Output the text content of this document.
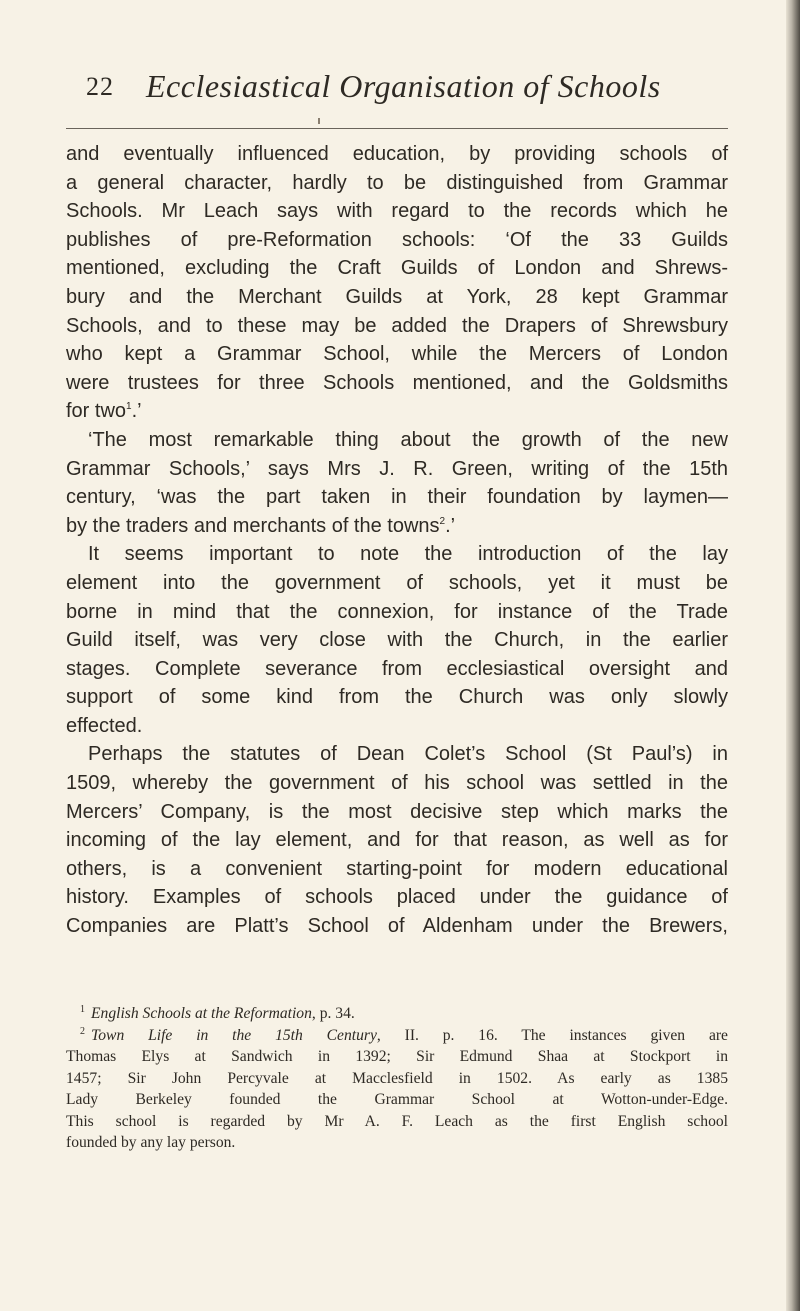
22 Ecclesiastical Organisation of Schools
and eventually influenced education, by providing schools of
a general character, hardly to be distinguished from Grammar
Schools. Mr Leach says with regard to the records which he
publishes of pre-Reformation schools: ‘Of the 33 Guilds
mentioned, excluding the Craft Guilds of London and Shrews-
bury and the Merchant Guilds at York, 28 kept Grammar
Schools, and to these may be added the Drapers of Shrewsbury
who kept a Grammar School, while the Mercers of London
were trustees for three Schools mentioned, and the Goldsmiths
for two$^1$.’
‘The most remarkable thing about the growth of the new
Grammar Schools,’ says Mrs J. R. Green, writing of the 15th
century, ‘was the part taken in their foundation by laymen—
by the traders and merchants of the towns$^2$.’
It seems important to note the introduction of the lay
element into the government of schools, yet it must be
borne in mind that the connexion, for instance of the Trade
Guild itself, was very close with the Church, in the earlier
stages. Complete severance from ecclesiastical oversight and
support of some kind from the Church was only slowly
effected.
Perhaps the statutes of Dean Colet’s School (St Paul’s) in
1509, whereby the government of his school was settled in the
Mercers’ Company, is the most decisive step which marks the
incoming of the lay element, and for that reason, as well as for
others, is a convenient starting-point for modern educational
history. Examples of schools placed under the guidance of
Companies are Platt’s School of Aldenham under the Brewers,
$^1$ English Schools at the Reformation, p. 34.
$^2$ Town Life in the 15th Century, II. p. 16. The instances given are
Thomas Elys at Sandwich in 1392; Sir Edmund Shaa at Stockport in
1457; Sir John Percyvale at Macclesfield in 1502. As early as 1385
Lady Berkeley founded the Grammar School at Wotton-under-Edge.
This school is regarded by Mr A. F. Leach as the first English school
founded by any lay person.
